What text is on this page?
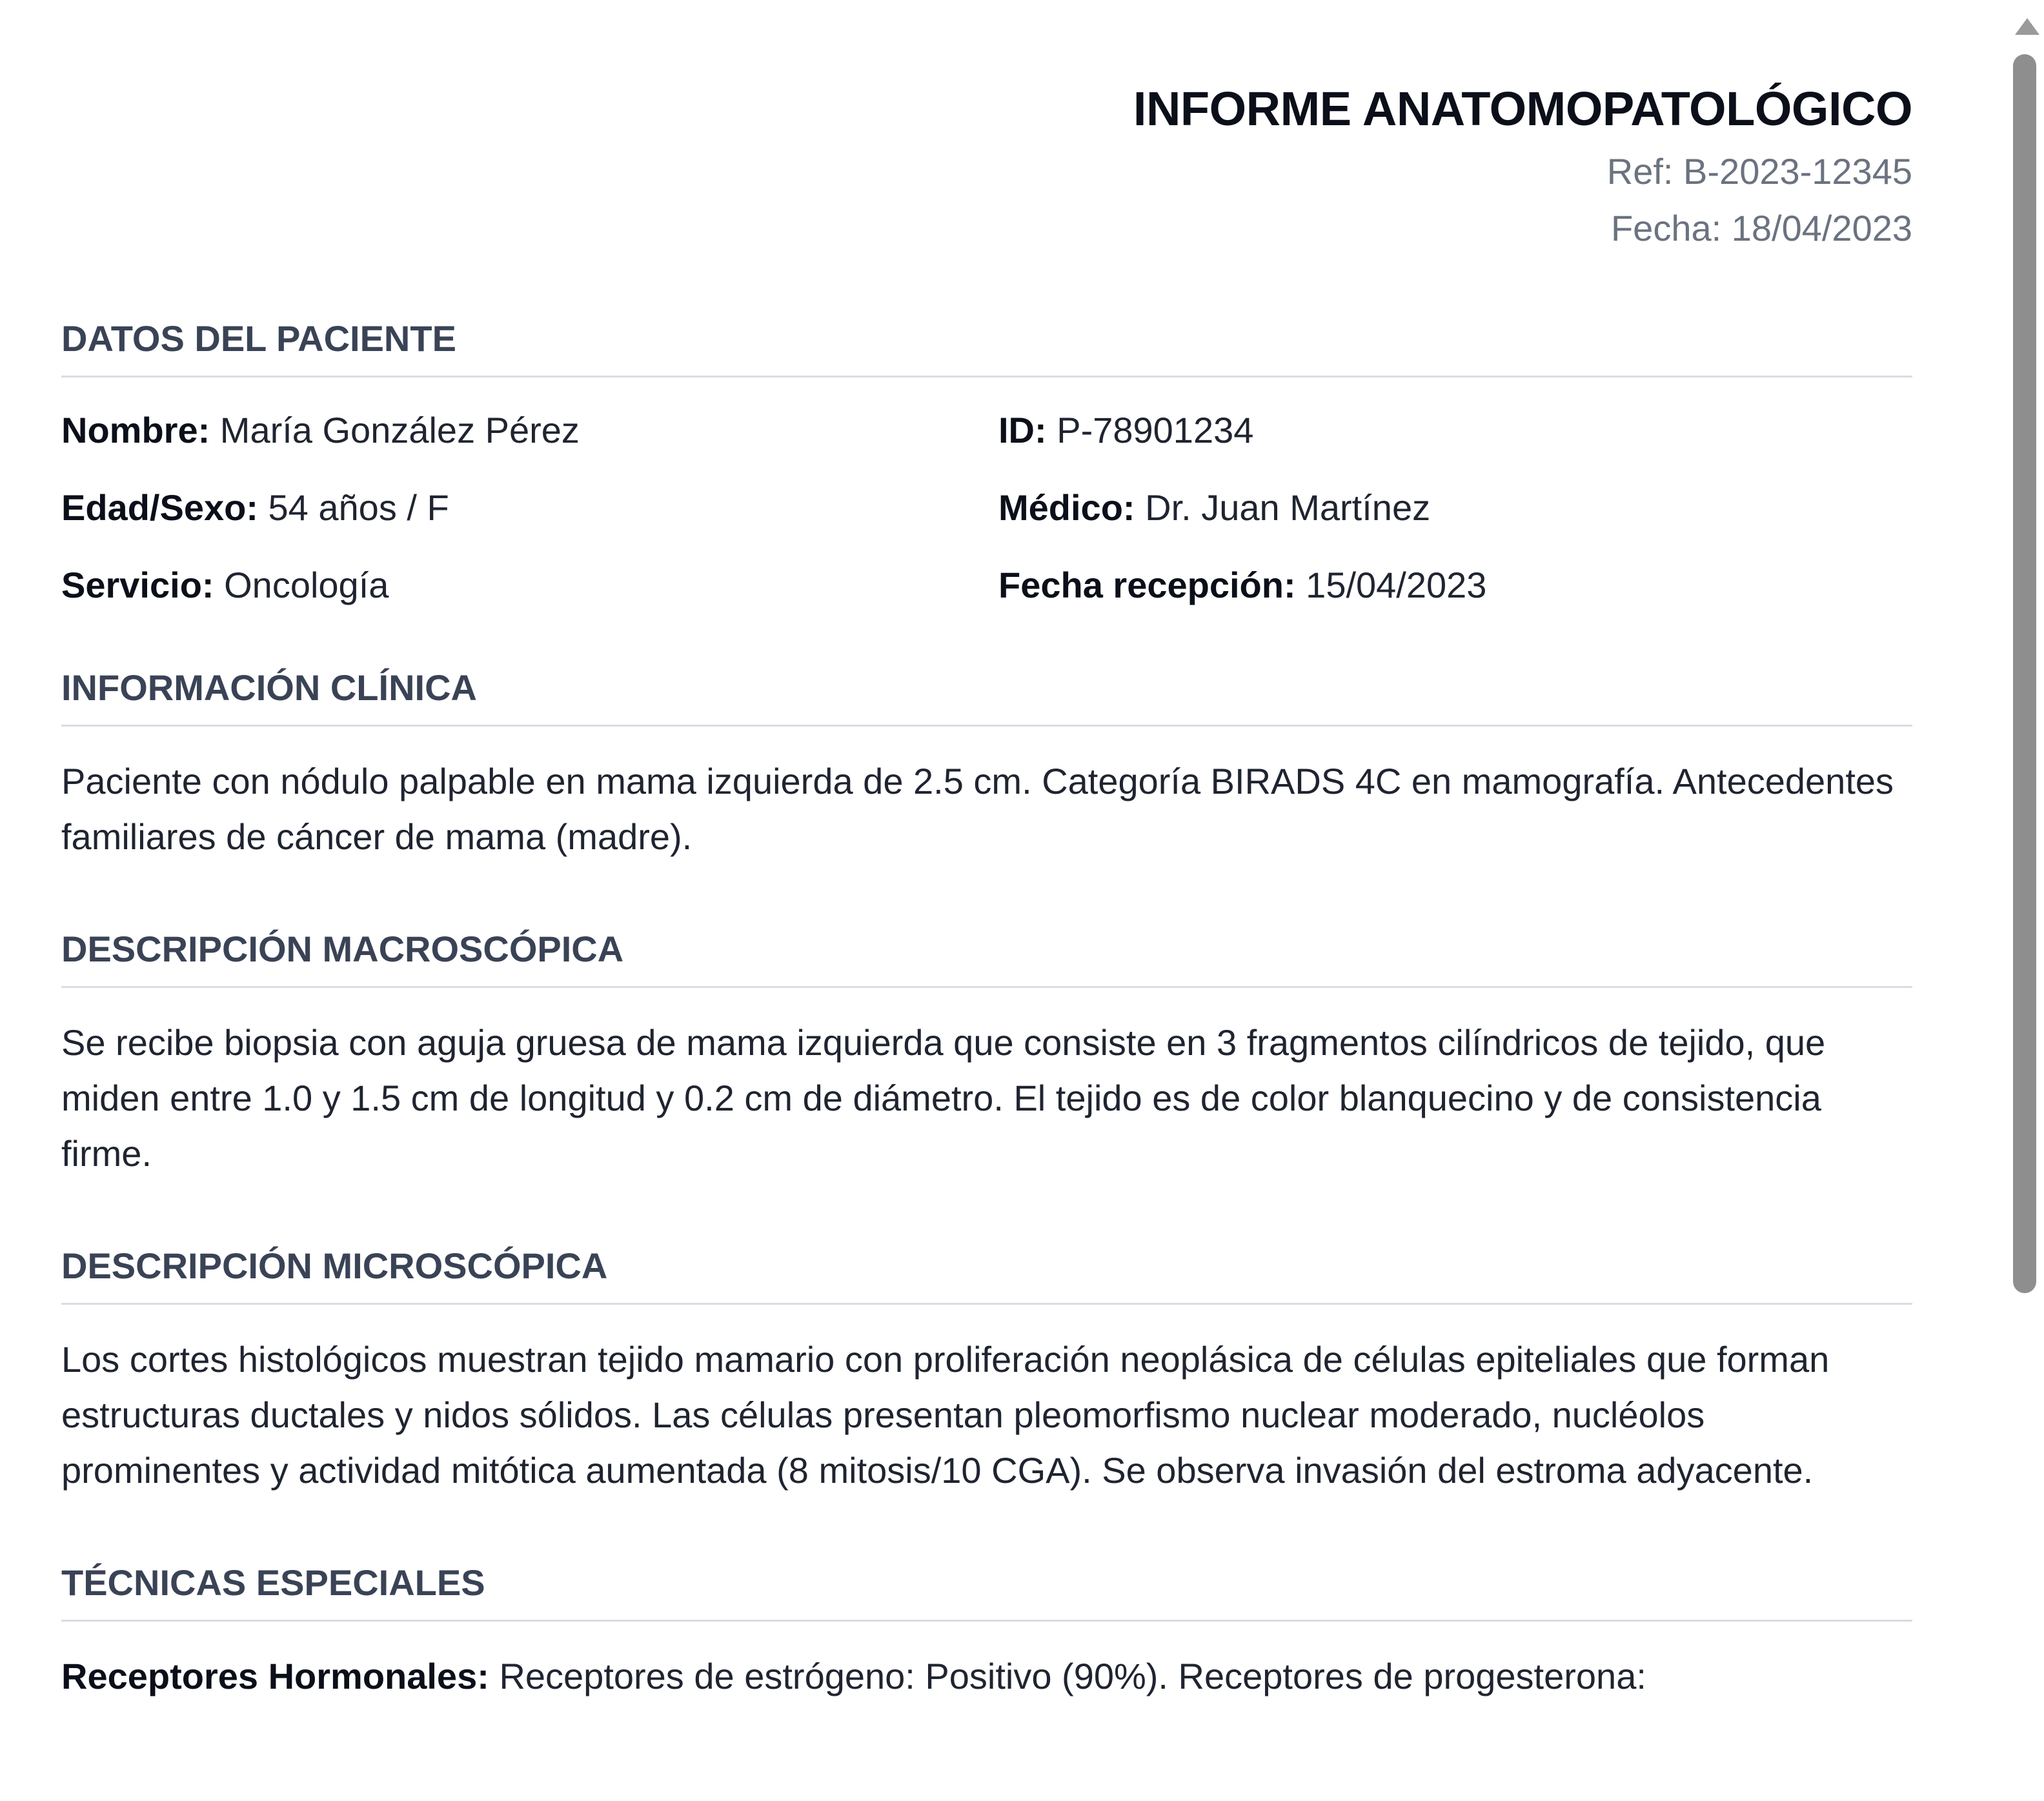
INFORME ANATOMOPATOLÓGICO
Ref: B-2023-12345
Fecha: 18/04/2023
DATOS DEL PACIENTE
Nombre: María González Pérez	ID: P-78901234
Edad/Sexo: 54 años / F	Médico: Dr. Juan Martínez
Servicio: Oncología	Fecha recepción: 15/04/2023
INFORMACIÓN CLÍNICA

Paciente con nódulo palpable en mama izquierda de 2.5 cm. Categoría BIRADS 4C en mamografía. Antecedentes familiares de cáncer de mama (madre).

DESCRIPCIÓN MACROSCÓPICA

Se recibe biopsia con aguja gruesa de mama izquierda que consiste en 3 fragmentos cilíndricos de tejido, que miden entre 1.0 y 1.5 cm de longitud y 0.2 cm de diámetro. El tejido es de color blanquecino y de consistencia firme.

DESCRIPCIÓN MICROSCÓPICA

Los cortes histológicos muestran tejido mamario con proliferación neoplásica de células epiteliales que forman estructuras ductales y nidos sólidos. Las células presentan pleomorfismo nuclear moderado, nucléolos prominentes y actividad mitótica aumentada (8 mitosis/10 CGA). Se observa invasión del estroma adyacente.

TÉCNICAS ESPECIALES

Receptores Hormonales: Receptores de estrógeno: Positivo (90%). Receptores de progesterona:
